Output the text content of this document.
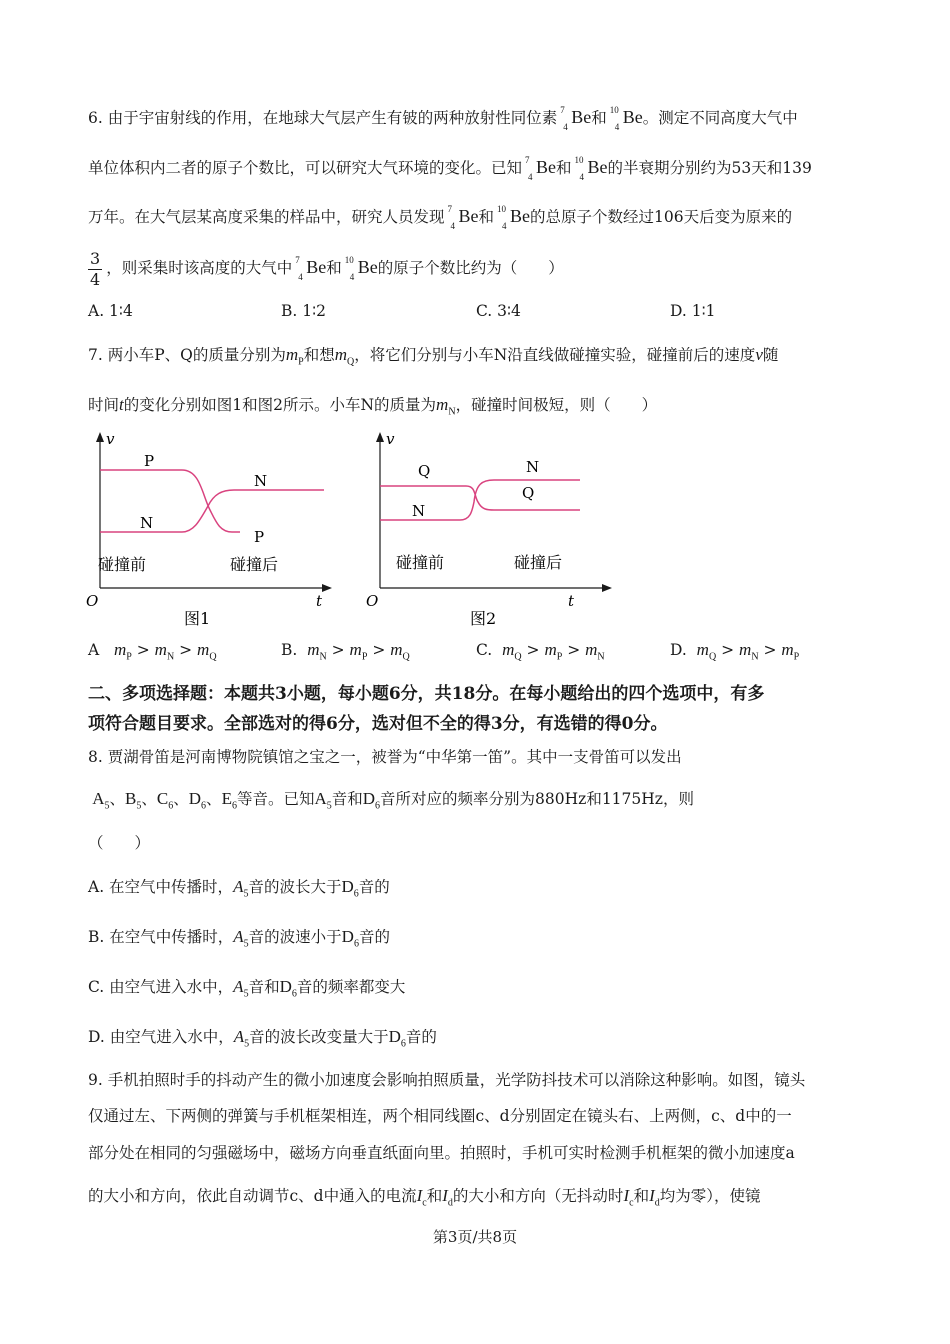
6. 由于宇宙射线的作用，在地球大气层产生有铍的两种放射性同位素 7
4 Be和 10
4 Be。测定不同高度大气中
单位体积内二者的原子个数比，可以研究大气环境的变化。已知 7
4 Be和 10
4 Be的半衰期分别约为53天和139
万年。在大气层某高度采集的样品中，研究人员发现 7
4 Be和 10
4 Be的总原子个数经过106天后变为原来的
$\frac{3}{4}$ ，则采集时该高度的大气中 7
4 Be和 10
4 Be的原子个数比约为（　　）
A. 1∶4	B. 1∶2	C. 3∶4	D. 1∶1
7. 两小车P、Q的质量分别为$m_P$和想$m_Q$，将它们分别与小车N沿直线做碰撞实验，碰撞前后的速度v随
时间t的变化分别如图1和图2所示。小车N的质量为$m_N$，碰撞时间极短，则（　　）
v
t
O
P
N
N
P
碰撞前	碰撞后
图1
v
t
O
Q
N
N
Q
碰撞前	碰撞后
图2
A $m_P > m_N > m_Q$	B. $m_N > m_P > m_Q$	C. $m_Q > m_P > m_N$	D. $m_Q > m_N > m_P$
二、多项选择题：本题共3小题，每小题6分，共18分。在每小题给出的四个选项中，有多
项符合题目要求。全部选对的得6分，选对但不全的得3分，有选错的得0分。
8. 贾湖骨笛是河南博物院镇馆之宝之一，被誉为“中华第一笛”。其中一支骨笛可以发出
$A_5$、$B_5$、$C_6$、$D_6$、$E_6$等音。已知$A_5$音和$D_6$音所对应的频率分别为880Hz和1175Hz，则
（　　）
A. 在空气中传播时，$A_5$音的波长大于$D_6$音的
B. 在空气中传播时，$A_5$音的波速小于$D_6$音的
C. 由空气进入水中，$A_5$音和$D_6$音的频率都变大
D. 由空气进入水中，$A_5$音的波长改变量大于$D_6$音的
9. 手机拍照时手的抖动产生的微小加速度会影响拍照质量，光学防抖技术可以消除这种影响。如图，镜头
仅通过左、下两侧的弹簧与手机框架相连，两个相同线圈c、d分别固定在镜头右、上两侧，c、d中的一
部分处在相同的匀强磁场中，磁场方向垂直纸面向里。拍照时，手机可实时检测手机框架的微小加速度a
的大小和方向，依此自动调节c、d中通入的电流$I_c$和$I_d$的大小和方向（无抖动时$I_c$和$I_d$均为零），使镜
第3页/共8页
